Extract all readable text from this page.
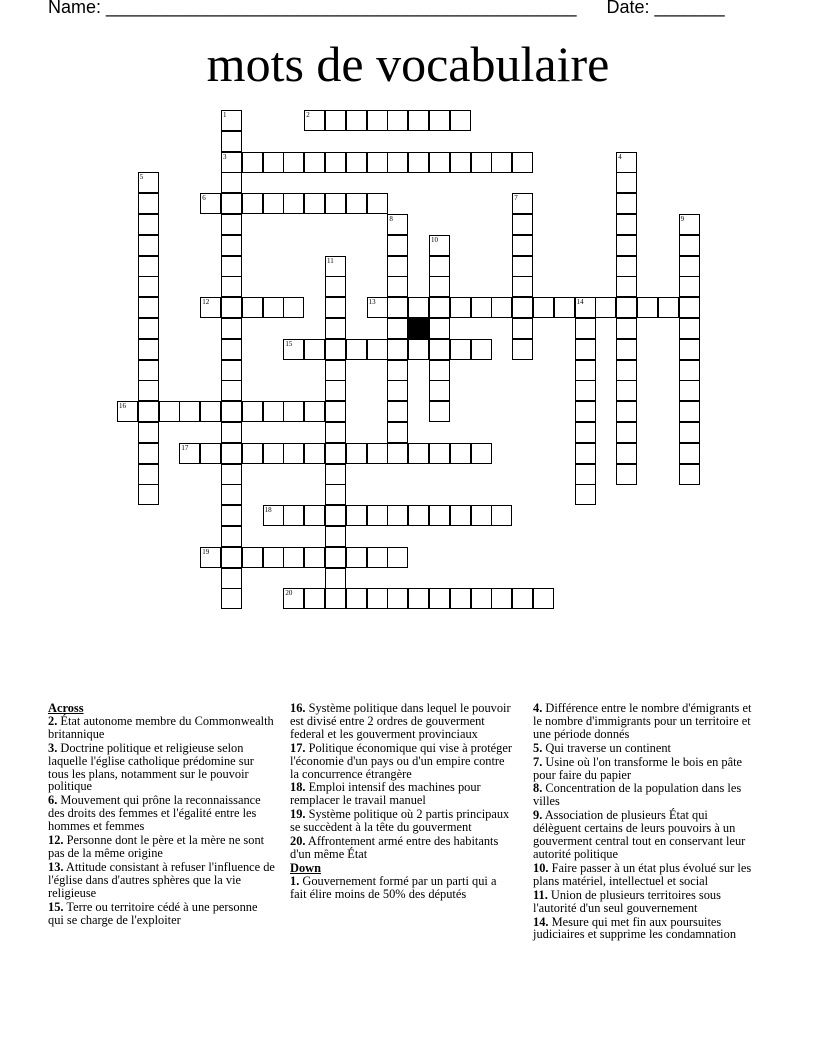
Name: _______________________________________________      Date: _______
mots de vocabulaire
1	2
3	4
5
6	7
8	9
10
11
12	13	14
15
16
17
18
19
20
Across
2. État autonome membre du Commonwealth britannique
3. Doctrine politique et religieuse selon laquelle l'église catholique prédomine sur tous les plans, notamment sur le pouvoir politique
6. Mouvement qui prône la reconnaissance des droits des femmes et l'égalité entre les hommes et femmes
12. Personne dont le père et la mère ne sont pas de la même origine
13. Attitude consistant à refuser l'influence de l'église dans d'autres sphères que la vie religieuse
15. Terre ou territoire cédé à une personne qui se charge de l'exploiter
16. Système politique dans lequel le pouvoir est divisé entre 2 ordres de gouverment federal et les gouverment provinciaux
17. Politique économique qui vise à protéger l'économie d'un pays ou d'un empire contre la concurrence étrangère
18. Emploi intensif des machines pour remplacer le travail manuel
19. Système politique où 2 partis principaux se succèdent à la tête du gouverment
20. Affrontement armé entre des habitants d'un même État
Down
1. Gouvernement formé par un parti qui a fait élire moins de 50% des députés
4. Différence entre le nombre d'émigrants et le nombre d'immigrants pour un territoire et une période donnés
5. Qui traverse un continent
7. Usine où l'on transforme le bois en pâte pour faire du papier
8. Concentration de la population dans les villes
9. Association de plusieurs État qui délèguent certains de leurs pouvoirs à un gouverment central tout en conservant leur autorité politique
10. Faire passer à un état plus évolué sur les plans matériel, intellectuel et social
11. Union de plusieurs territoires sous l'autorité d'un seul gouvernement
14. Mesure qui met fin aux poursuites judiciaires et supprime les condamnation
